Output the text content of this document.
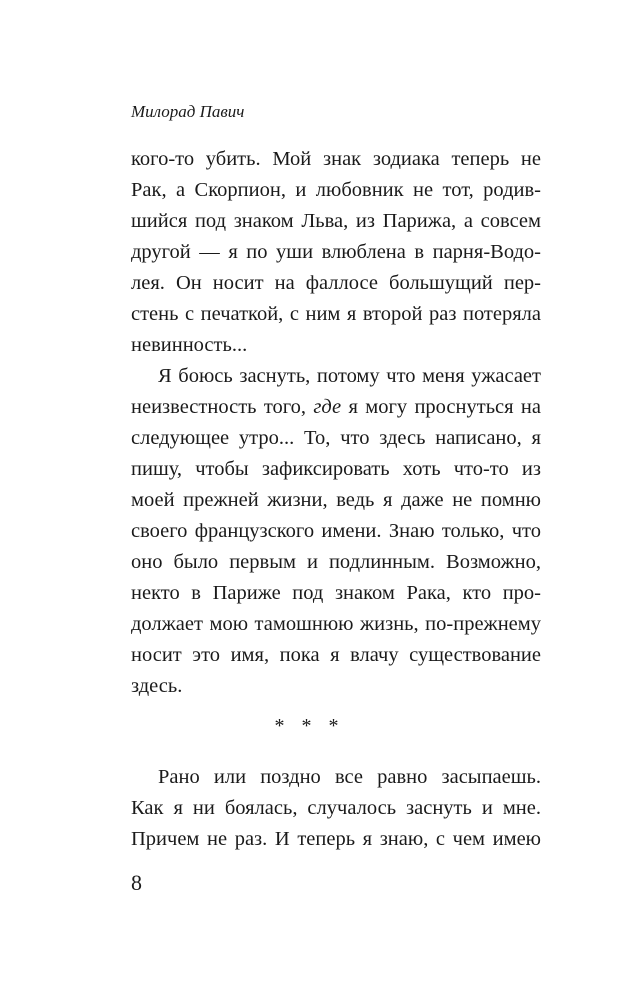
Милорад Павич
кого-то убить. Мой знак зодиака теперь не
Рак, а Скорпион, и любовник не тот, родив-
шийся под знаком Льва, из Парижа, а совсем
другой — я по уши влюблена в парня-Водо-
лея. Он носит на фаллосе большущий пер-
стень с печаткой, с ним я второй раз потеряла
невинность...
Я боюсь заснуть, потому что меня ужасает
неизвестность того, где я могу проснуться на
следующее утро... То, что здесь написано, я
пишу, чтобы зафиксировать хоть что-то из
моей прежней жизни, ведь я даже не помню
своего французского имени. Знаю только, что
оно было первым и подлинным. Возможно,
некто в Париже под знаком Рака, кто про-
должает мою тамошнюю жизнь, по-прежнему
носит это имя, пока я влачу существование
здесь.
* * *
Рано или поздно все равно засыпаешь.
Как я ни боялась, случалось заснуть и мне.
Причем не раз. И теперь я знаю, с чем имею
8
